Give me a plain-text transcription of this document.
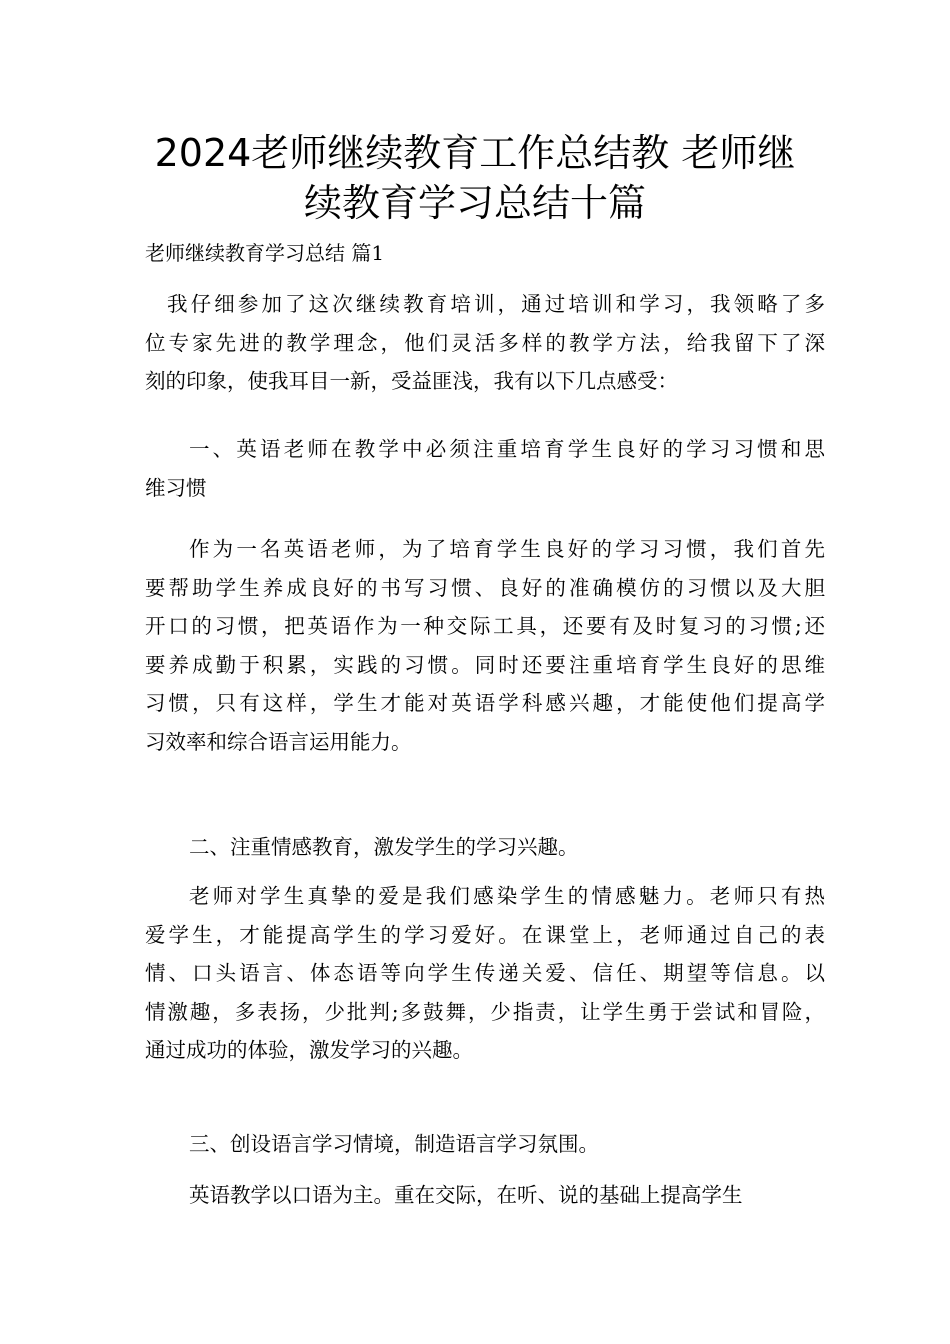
2024老师继续教育工作总结教 老师继
续教育学习总结十篇

老师继续教育学习总结 篇1

我仔细参加了这次继续教育培训，通过培训和学习，我领略了多
位专家先进的教学理念，他们灵活多样的教学方法，给我留下了深
刻的印象，使我耳目一新，受益匪浅，我有以下几点感受：

一、英语老师在教学中必须注重培育学生良好的学习习惯和思
维习惯

作为一名英语老师，为了培育学生良好的学习习惯，我们首先
要帮助学生养成良好的书写习惯、良好的准确模仿的习惯以及大胆
开口的习惯，把英语作为一种交际工具，还要有及时复习的习惯;还
要养成勤于积累，实践的习惯。同时还要注重培育学生良好的思维
习惯，只有这样，学生才能对英语学科感兴趣，才能使他们提高学
习效率和综合语言运用能力。

二、注重情感教育，激发学生的学习兴趣。

老师对学生真挚的爱是我们感染学生的情感魅力。老师只有热
爱学生，才能提高学生的学习爱好。在课堂上，老师通过自己的表
情、口头语言、体态语等向学生传递关爱、信任、期望等信息。以
情激趣，多表扬，少批判;多鼓舞，少指责，让学生勇于尝试和冒险，
通过成功的体验，激发学习的兴趣。

三、创设语言学习情境，制造语言学习氛围。

英语教学以口语为主。重在交际，在听、说的基础上提高学生
